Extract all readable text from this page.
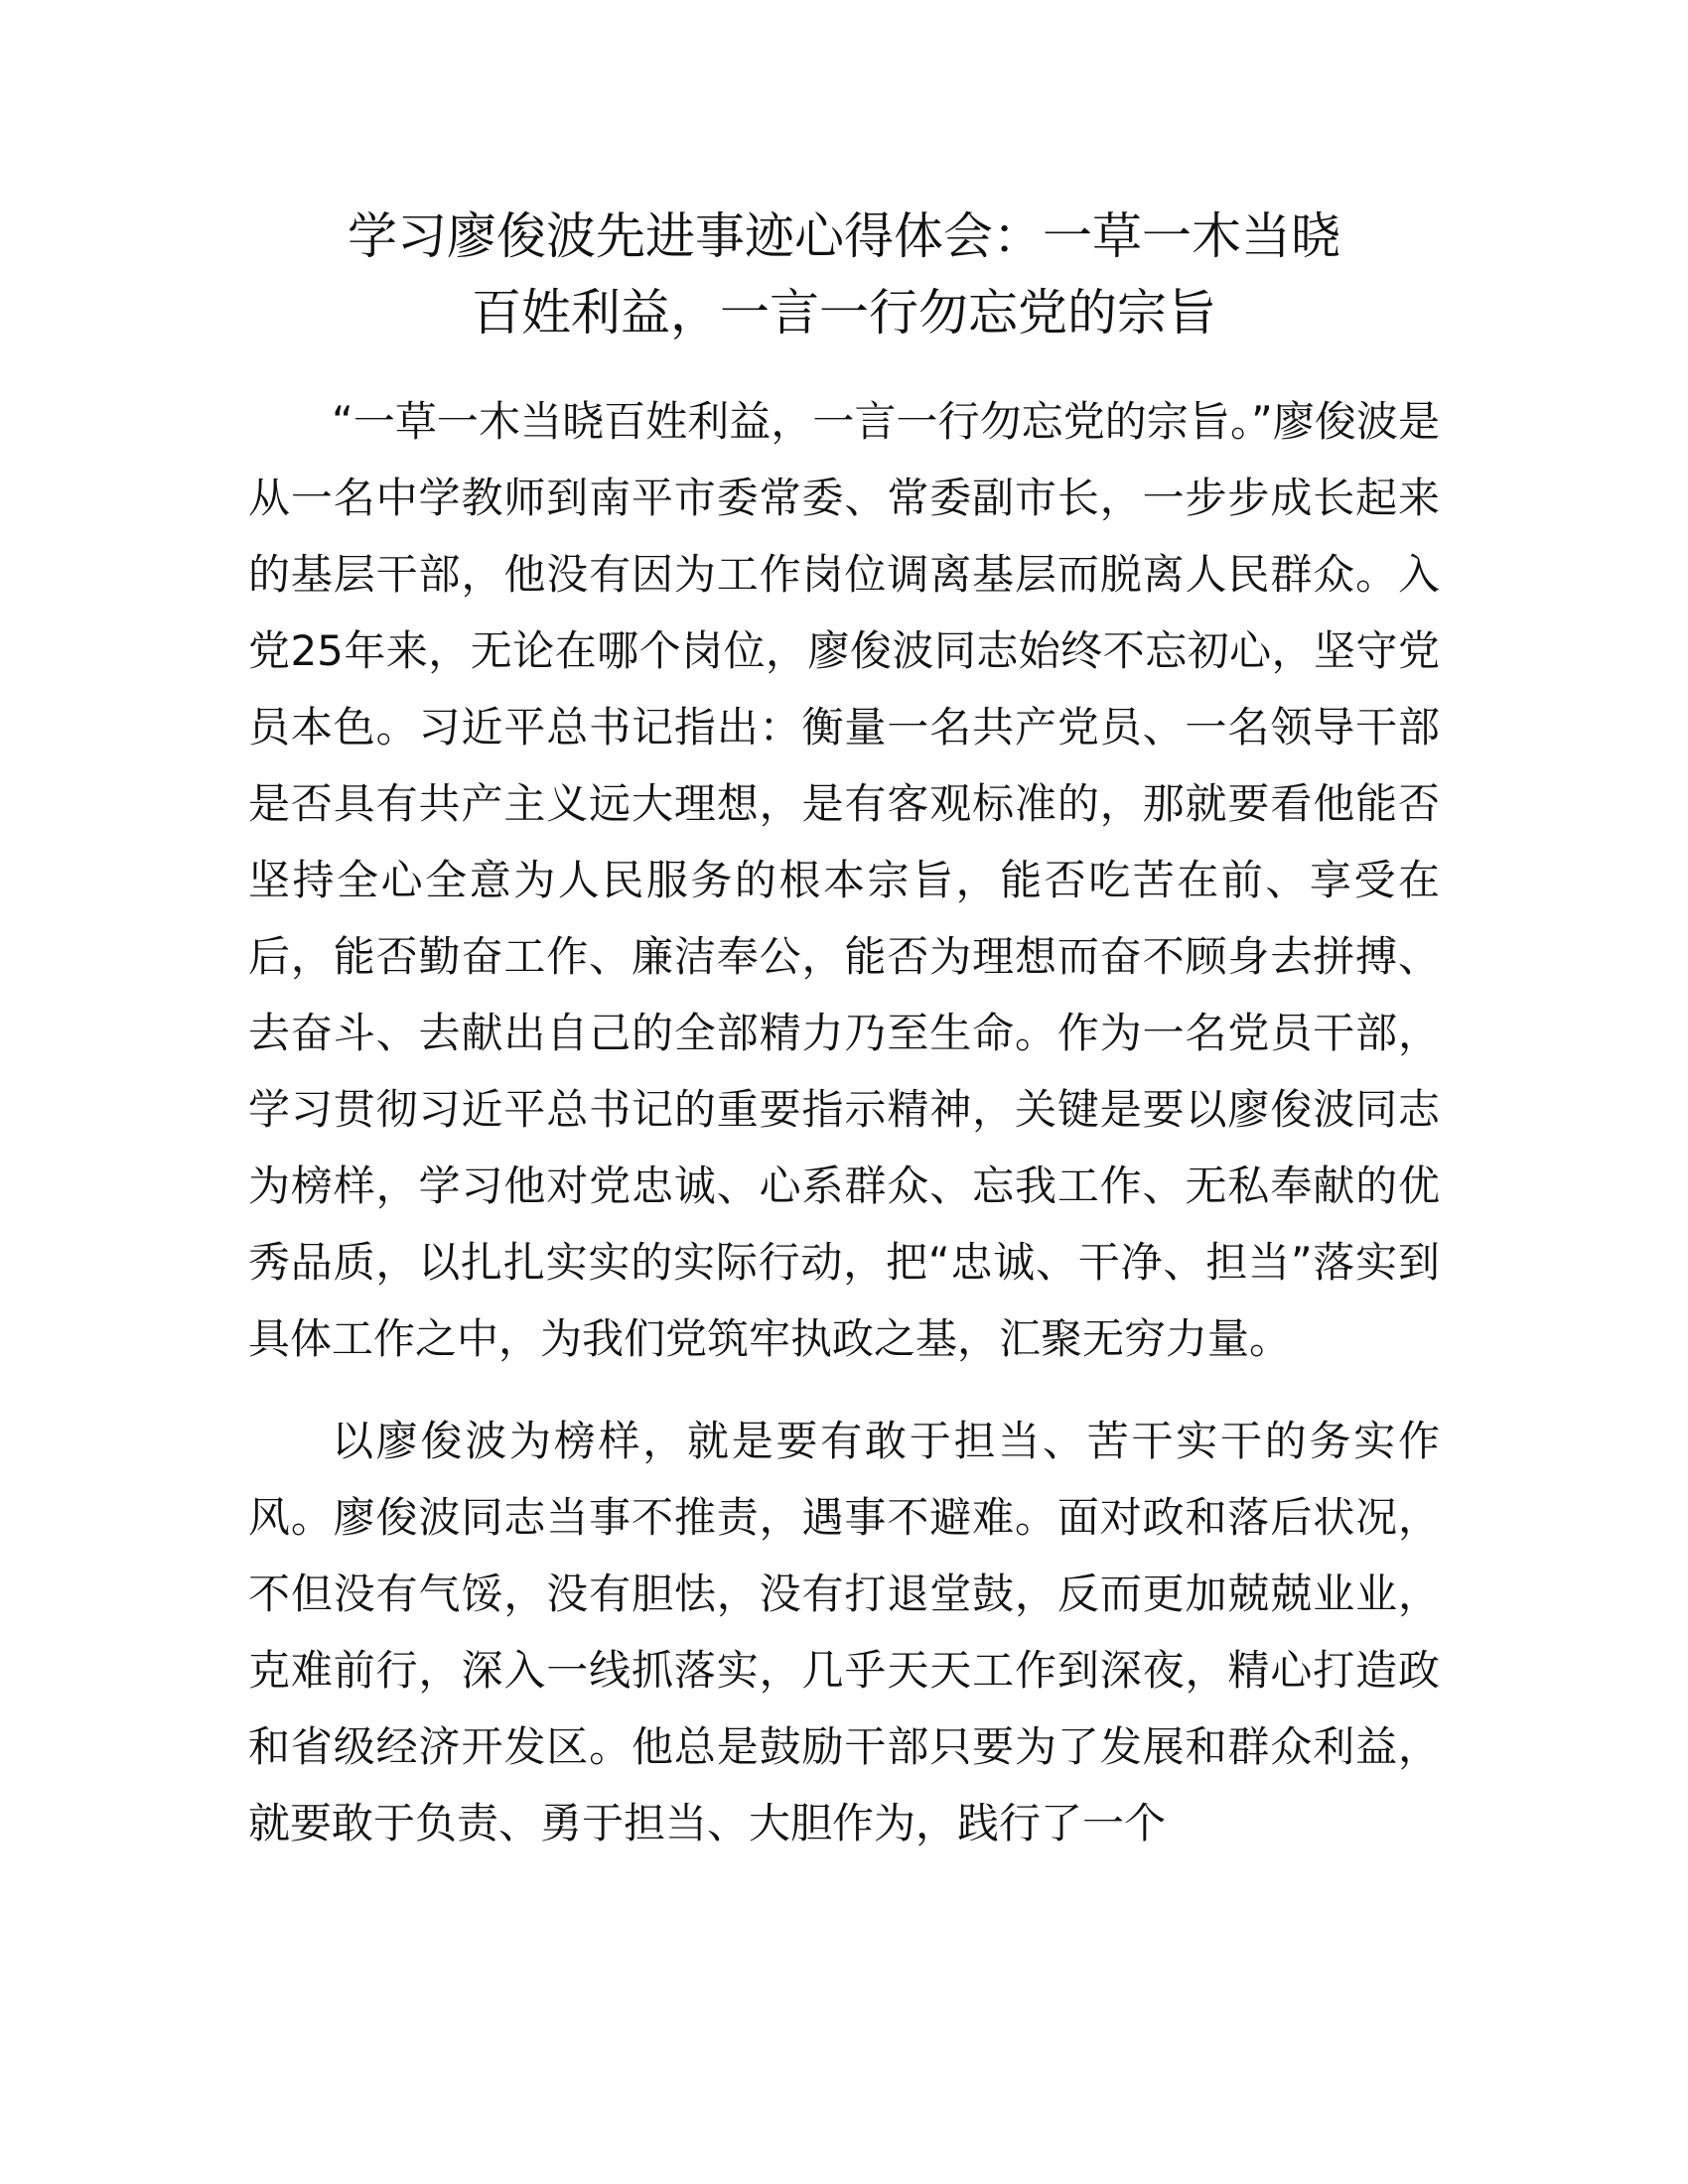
学习廖俊波先进事迹心得体会：一草一木当晓
百姓利益，一言一行勿忘党的宗旨

“一草一木当晓百姓利益，一言一行勿忘党的宗旨。”廖俊波是从一名中学教师到南平市委常委、常委副市长，一步步成长起来的基层干部，他没有因为工作岗位调离基层而脱离人民群众。入党25年来，无论在哪个岗位，廖俊波同志始终不忘初心，坚守党员本色。习近平总书记指出：衡量一名共产党员、一名领导干部是否具有共产主义远大理想，是有客观标准的，那就要看他能否坚持全心全意为人民服务的根本宗旨，能否吃苦在前、享受在后，能否勤奋工作、廉洁奉公，能否为理想而奋不顾身去拼搏、去奋斗、去献出自己的全部精力乃至生命。作为一名党员干部，学习贯彻习近平总书记的重要指示精神，关键是要以廖俊波同志为榜样，学习他对党忠诚、心系群众、忘我工作、无私奉献的优秀品质，以扎扎实实的实际行动，把“忠诚、干净、担当”落实到具体工作之中，为我们党筑牢执政之基，汇聚无穷力量。

以廖俊波为榜样，就是要有敢于担当、苦干实干的务实作风。廖俊波同志当事不推责，遇事不避难。面对政和落后状况，不但没有气馁，没有胆怯，没有打退堂鼓，反而更加兢兢业业，克难前行，深入一线抓落实，几乎天天工作到深夜，精心打造政和省级经济开发区。他总是鼓励干部只要为了发展和群众利益，就要敢于负责、勇于担当、大胆作为，践行了一个
